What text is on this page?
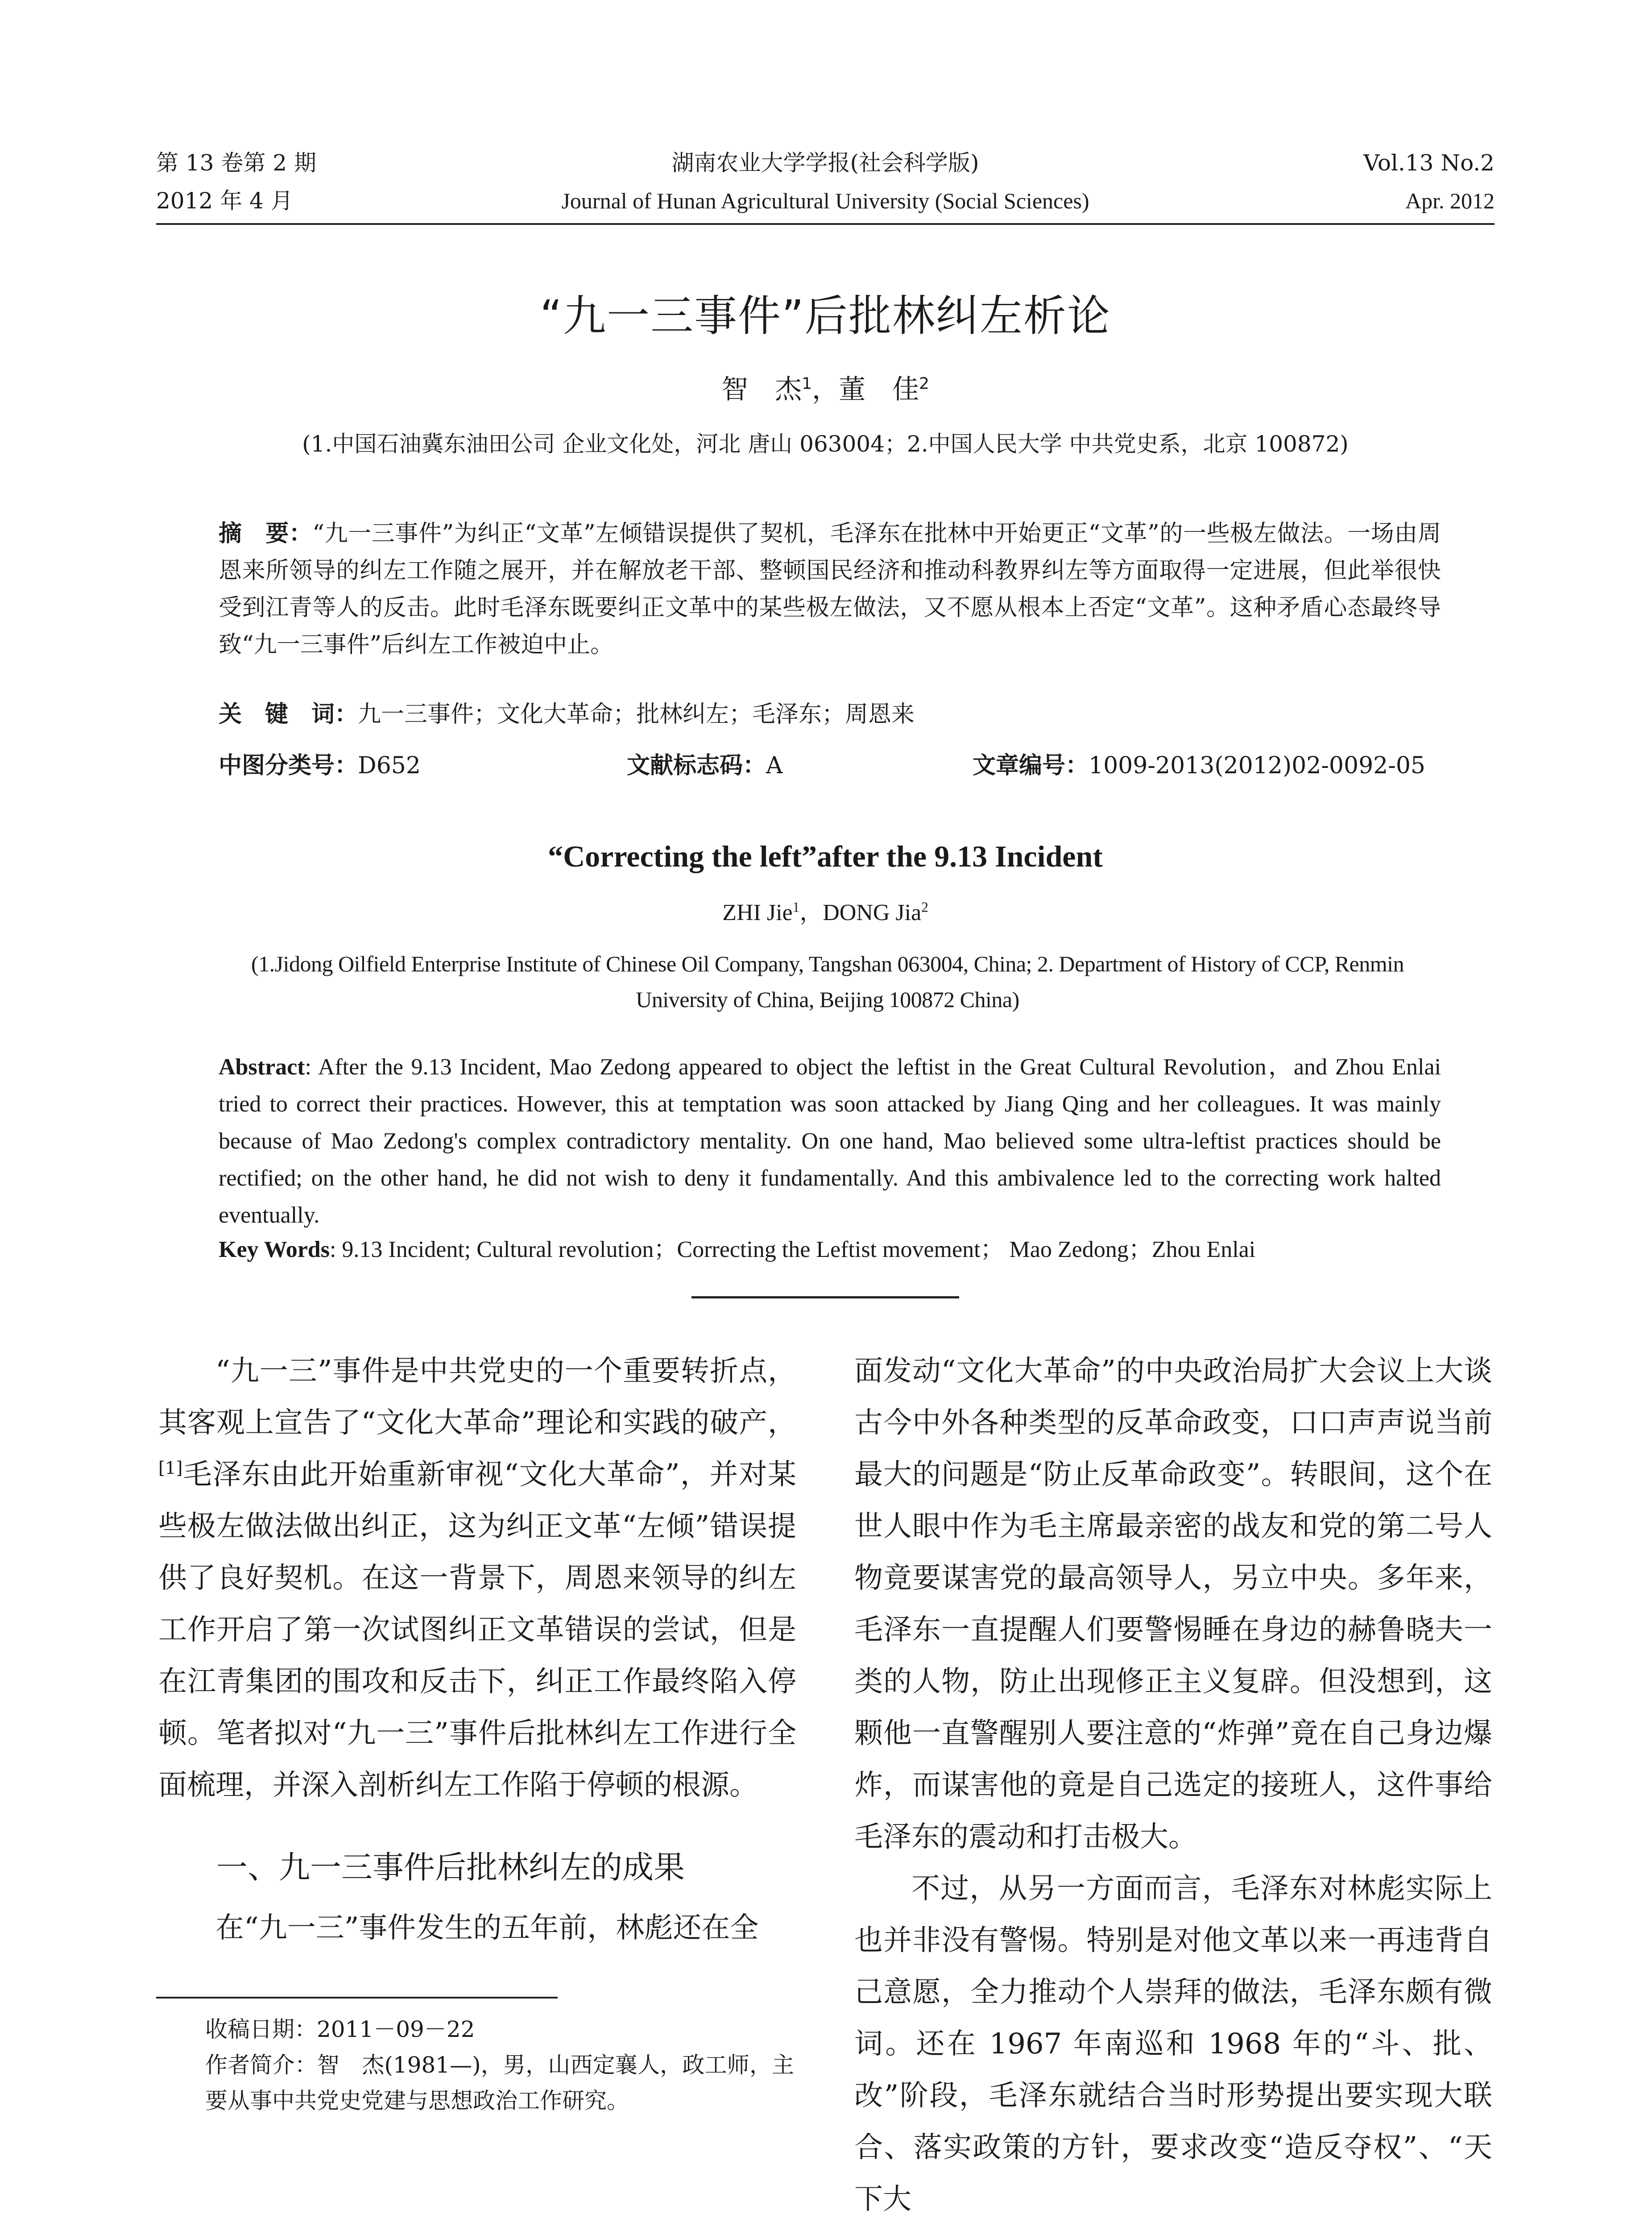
第 13 卷第 2 期	湖南农业大学学报(社会科学版)	Vol.13 No.2
2012 年 4 月	Journal of Hunan Agricultural University (Social Sciences)	Apr. 2012
“九一三事件”后批林纠左析论
智　杰$^1$，董　佳$^2$
(1.中国石油冀东油田公司 企业文化处，河北 唐山 063004；2.中国人民大学 中共党史系，北京 100872)
摘　要：“九一三事件”为纠正“文革”左倾错误提供了契机，毛泽东在批林中开始更正“文革”的一些极左做法。一场由周恩来所领导的纠左工作随之展开，并在解放老干部、整顿国民经济和推动科教界纠左等方面取得一定进展，但此举很快受到江青等人的反击。此时毛泽东既要纠正文革中的某些极左做法，又不愿从根本上否定“文革”。这种矛盾心态最终导致“九一三事件”后纠左工作被迫中止。
关　键　词：九一三事件；文化大革命；批林纠左；毛泽东；周恩来
中图分类号：D652	文献标志码：A	文章编号：1009-2013(2012)02-0092-05
“Correcting the left”after the 9.13 Incident
ZHI Jie$^1$，DONG Jia$^2$
(1.Jidong Oilfield Enterprise Institute of Chinese Oil Company, Tangshan 063004, China; 2. Department of History of CCP, Renmin University of China, Beijing 100872 China)
Abstract: After the 9.13 Incident, Mao Zedong appeared to object the leftist in the Great Cultural Revolution，and Zhou Enlai tried to correct their practices. However, this at temptation was soon attacked by Jiang Qing and her colleagues. It was mainly because of Mao Zedong's complex contradictory mentality. On one hand, Mao believed some ultra-leftist practices should be rectified; on the other hand, he did not wish to deny it fundamentally. And this ambivalence led to the correcting work halted eventually.
Key Words: 9.13 Incident; Cultural revolution；Correcting the Leftist movement； Mao Zedong；Zhou Enlai

“九一三”事件是中共党史的一个重要转折点，其客观上宣告了“文化大革命”理论和实践的破产，[1]毛泽东由此开始重新审视“文化大革命”，并对某些极左做法做出纠正，这为纠正文革“左倾”错误提供了良好契机。在这一背景下，周恩来领导的纠左工作开启了第一次试图纠正文革错误的尝试，但是在江青集团的围攻和反击下，纠正工作最终陷入停顿。笔者拟对“九一三”事件后批林纠左工作进行全面梳理，并深入剖析纠左工作陷于停顿的根源。

一、九一三事件后批林纠左的成果

在“九一三”事件发生的五年前，林彪还在全

收稿日期：2011－09－22

作者简介：智　杰(1981—)，男，山西定襄人，政工师，主要从事中共党史党建与思想政治工作研究。

面发动“文化大革命”的中央政治局扩大会议上大谈古今中外各种类型的反革命政变，口口声声说当前最大的问题是“防止反革命政变”。转眼间，这个在世人眼中作为毛主席最亲密的战友和党的第二号人物竟要谋害党的最高领导人，另立中央。多年来，毛泽东一直提醒人们要警惕睡在身边的赫鲁晓夫一类的人物，防止出现修正主义复辟。但没想到，这颗他一直警醒别人要注意的“炸弹”竟在自己身边爆炸，而谋害他的竟是自己选定的接班人，这件事给毛泽东的震动和打击极大。

不过，从另一方面而言，毛泽东对林彪实际上也并非没有警惕。特别是对他文革以来一再违背自己意愿，全力推动个人崇拜的做法，毛泽东颇有微词。还在 1967 年南巡和 1968 年的“斗、批、改”阶段，毛泽东就结合当时形势提出要实现大联合、落实政策的方针，要求改变“造反夺权”、“天下大
